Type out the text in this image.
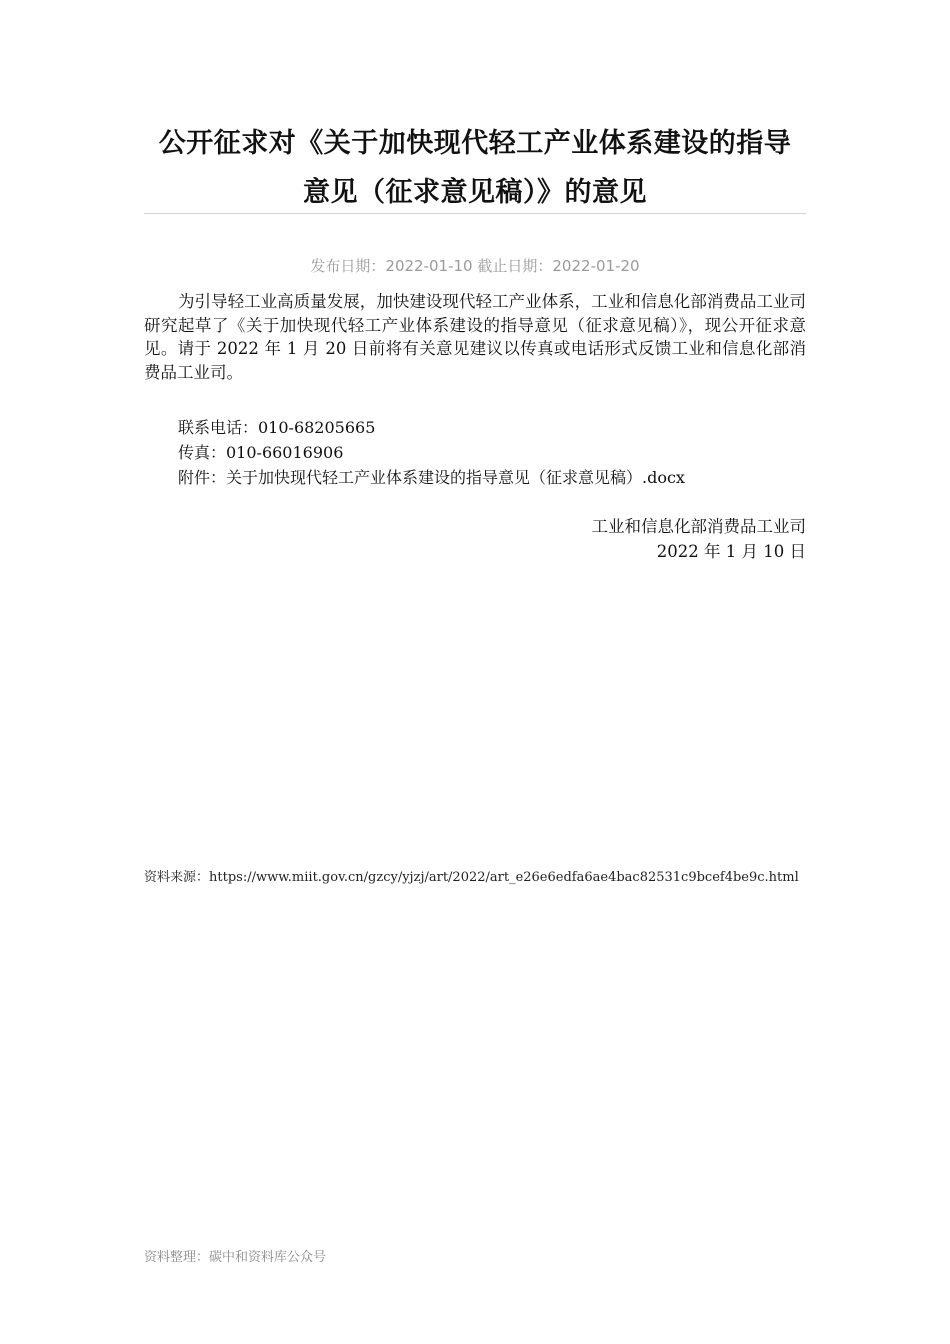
公开征求对《关于加快现代轻工产业体系建设的指导
意见（征求意见稿）》的意见
发布日期：2022-01-10 截止日期：2022-01-20
为引导轻工业高质量发展，加快建设现代轻工产业体系，工业和信息化部消费品工业司研究起草了《关于加快现代轻工产业体系建设的指导意见（征求意见稿）》，现公开征求意见。请于 2022 年 1 月 20 日前将有关意见建议以传真或电话形式反馈工业和信息化部消费品工业司。
联系电话：010-68205665
传真：010-66016906
附件：关于加快现代轻工产业体系建设的指导意见（征求意见稿）.docx
工业和信息化部消费品工业司
2022 年 1 月 10 日
资料来源：https://www.miit.gov.cn/gzcy/yjzj/art/2022/art_e26e6edfa6ae4bac82531c9bcef4be9c.html
资料整理：碳中和资料库公众号
